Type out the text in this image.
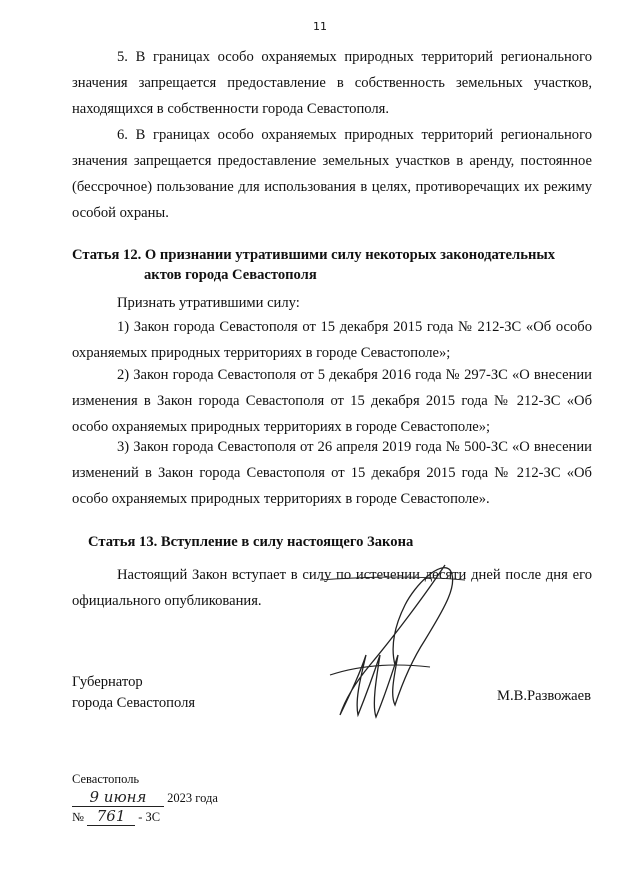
11
5. В границах особо охраняемых природных территорий регионального значения запрещается предоставление в собственность земельных участков, находящихся в собственности города Севастополя.
6. В границах особо охраняемых природных территорий регионального значения запрещается предоставление земельных участков в аренду, постоянное (бессрочное) пользование для использования в целях, противоречащих их режиму особой охраны.
Статья 12. О признании утратившими силу некоторых законодательных
актов города Севастополя
Признать утратившими силу:
1) Закон города Севастополя от 15 декабря 2015 года № 212-ЗС «Об особо охраняемых природных территориях в городе Севастополе»;
2) Закон города Севастополя от 5 декабря 2016 года № 297-ЗС «О внесении изменения в Закон города Севастополя от 15 декабря 2015 года № 212-ЗС «Об особо охраняемых природных территориях в городе Севастополе»;
3) Закон города Севастополя от 26 апреля 2019 года № 500-ЗС «О внесении изменений в Закон города Севастополя от 15 декабря 2015 года № 212-ЗС «Об особо охраняемых природных территориях в городе Севастополе».
Статья 13. Вступление в силу настоящего Закона
Настоящий Закон вступает в силу по истечении десяти дней после дня его официального опубликования.
Губернатор
города Севастополя	М.В.Развожаев
Севастополь
9 июня 2023 года
№ 761 - ЗС
